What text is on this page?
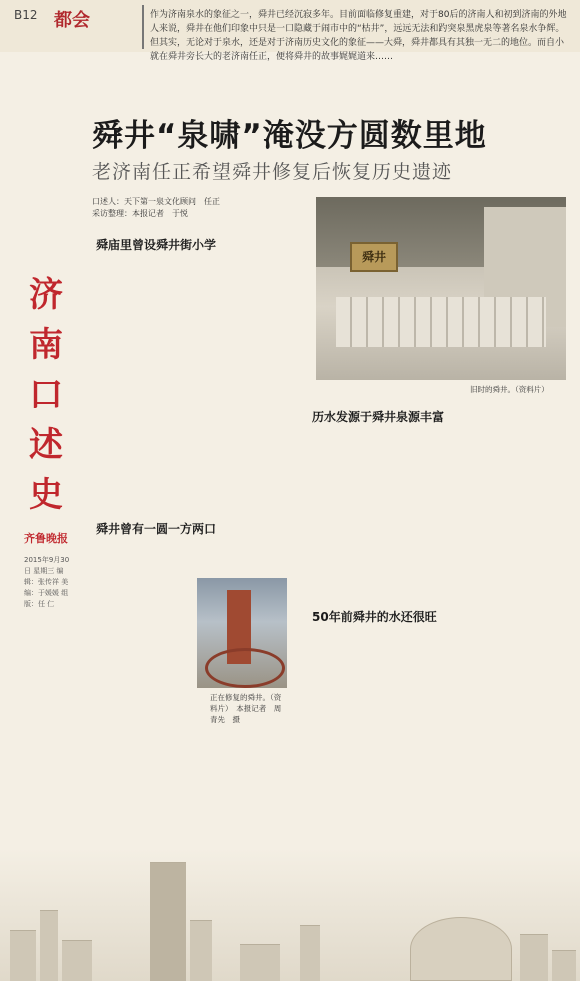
B12 都会	作为济南泉水的象征之一，舜井已经沉寂多年。目前面临修复重建，对于80后的济南人和初到济南的外地人来说，舜井在他们印象中只是一口隐藏于闹市中的“枯井”，远远无法和趵突泉黑虎泉等著名泉水争辉。但其实，无论对于泉水，还是对于济南历史文化的象征——大舜，舜井都具有其独一无二的地位。而自小就在舜井旁长大的老济南任正，便将舜井的故事娓娓道来……
舜井“泉啸”淹没方圆数里地
老济南任正希望舜井修复后恢复历史遗迹
口述人：天下第一泉文化顾问　任正
采访整理：本报记者　于悦
济南口述史
齐鲁晚报
2015年9月30日 星期三 编辑：张传祥 美编：于媛媛 组版：任 仁
舜庙里曾设舜井街小学
舜井曾有一圆一方两口
历水发源于舜井泉源丰富
50年前舜井的水还很旺
舜井
旧时的舜井。（资料片）
正在修复的舜井。（资料片）　本报记者　周青先　摄
